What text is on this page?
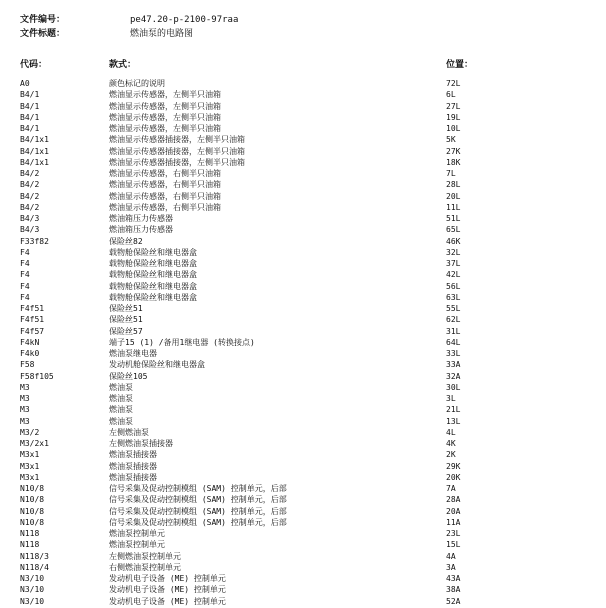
文件编号：	pe47.20-p-2100-97raa
文件标题：	燃油泵的电路图
代码：	款式：	位置：
A0	颜色标记的说明	72L
B4/1	燃油显示传感器，左侧半只油箱	6L
B4/1	燃油显示传感器，左侧半只油箱	27L
B4/1	燃油显示传感器，左侧半只油箱	19L
B4/1	燃油显示传感器，左侧半只油箱	10L
B4/1x1	燃油显示传感器插接器，左侧半只油箱	5K
B4/1x1	燃油显示传感器插接器，左侧半只油箱	27K
B4/1x1	燃油显示传感器插接器，左侧半只油箱	18K
B4/2	燃油显示传感器，右侧半只油箱	7L
B4/2	燃油显示传感器，右侧半只油箱	28L
B4/2	燃油显示传感器，右侧半只油箱	20L
B4/2	燃油显示传感器，右侧半只油箱	11L
B4/3	燃油箱压力传感器	51L
B4/3	燃油箱压力传感器	65L
F33f82	保险丝82	46K
F4	载物舱保险丝和继电器盒	32L
F4	载物舱保险丝和继电器盒	37L
F4	载物舱保险丝和继电器盒	42L
F4	载物舱保险丝和继电器盒	56L
F4	载物舱保险丝和继电器盒	63L
F4f51	保险丝51	55L
F4f51	保险丝51	62L
F4f57	保险丝57	31L
F4kN	端子15 (1) /备用1继电器 (转换接点)	64L
F4k0	燃油泵继电器	33L
F58	发动机舱保险丝和继电器盒	33A
F58f105	保险丝105	32A
M3	燃油泵	30L
M3	燃油泵	3L
M3	燃油泵	21L
M3	燃油泵	13L
M3/2	左侧燃油泵	4L
M3/2x1	左侧燃油泵插接器	4K
M3x1	燃油泵插接器	2K
M3x1	燃油泵插接器	29K
M3x1	燃油泵插接器	20K
N10/8	信号采集及促动控制模组 (SAM) 控制单元，后部	7A
N10/8	信号采集及促动控制模组 (SAM) 控制单元，后部	28A
N10/8	信号采集及促动控制模组 (SAM) 控制单元，后部	20A
N10/8	信号采集及促动控制模组 (SAM) 控制单元，后部	11A
N118	燃油泵控制单元	23L
N118	燃油泵控制单元	15L
N118/3	左侧燃油泵控制单元	4A
N118/4	右侧燃油泵控制单元	3A
N3/10	发动机电子设备 (ME) 控制单元	43A
N3/10	发动机电子设备 (ME) 控制单元	38A
N3/10	发动机电子设备 (ME) 控制单元	52A
